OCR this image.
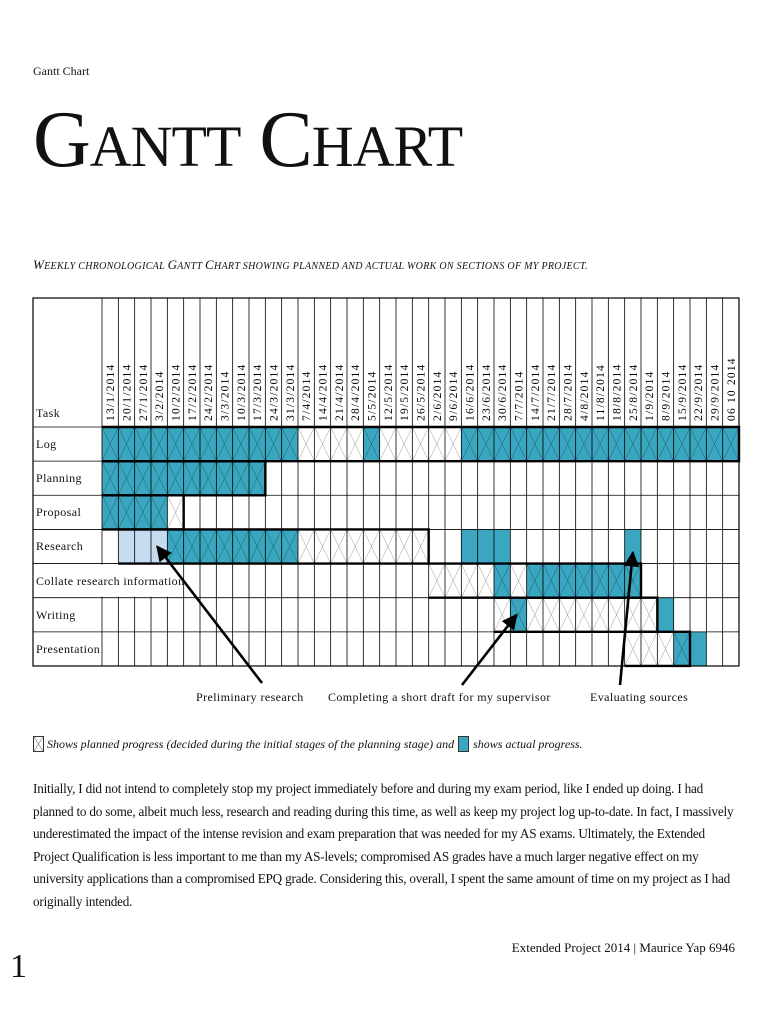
Gantt Chart
GANTT CHART
WEEKLY CHRONOLOGICAL GANTT CHART SHOWING PLANNED AND ACTUAL WORK ON SECTIONS OF MY PROJECT.
13/1/2014 20/1/2014 27/1/2014 3/2/2014 10/2/2014 17/2/2014 24/2/2014 3/3/2014 10/3/2014 17/3/2014 24/3/2014 31/3/2014 7/4/2014 14/4/2014 21/4/2014 28/4/2014 5/5/2014 12/5/2014 19/5/2014 26/5/2014 2/6/2014 9/6/2014 16/6/2014 23/6/2014 30/6/2014 7/7/2014 14/7/2014 21/7/2014 28/7/2014 4/8/2014 11/8/2014 18/8/2014 25/8/2014 1/9/2014 8/9/2014 15/9/2014 22/9/2014 29/9/2014 06 10 2014
Task
Log
Planning
Proposal
Research
Collate research information
Writing
Presentation
Preliminary research Completing a short draft for my supervisor	Evaluating sources
Shows planned progress (decided during the initial stages of the planning stage) and shows actual progress.
Initially, I did not intend to completely stop my project immediately before and during my exam period, like I ended up doing. I had planned to do some, albeit much less, research and reading during this time, as well as keep my project log up-to-date. In fact, I massively underestimated the impact of the intense revision and exam preparation that was needed for my AS exams. Ultimately, the Extended Project Qualification is less important to me than my AS-levels; compromised AS grades have a much larger negative effect on my university applications than a compromised EPQ grade. Considering this, overall, I spent the same amount of time on my project as I had originally intended.
Extended Project 2014 | Maurice Yap 6946
1
